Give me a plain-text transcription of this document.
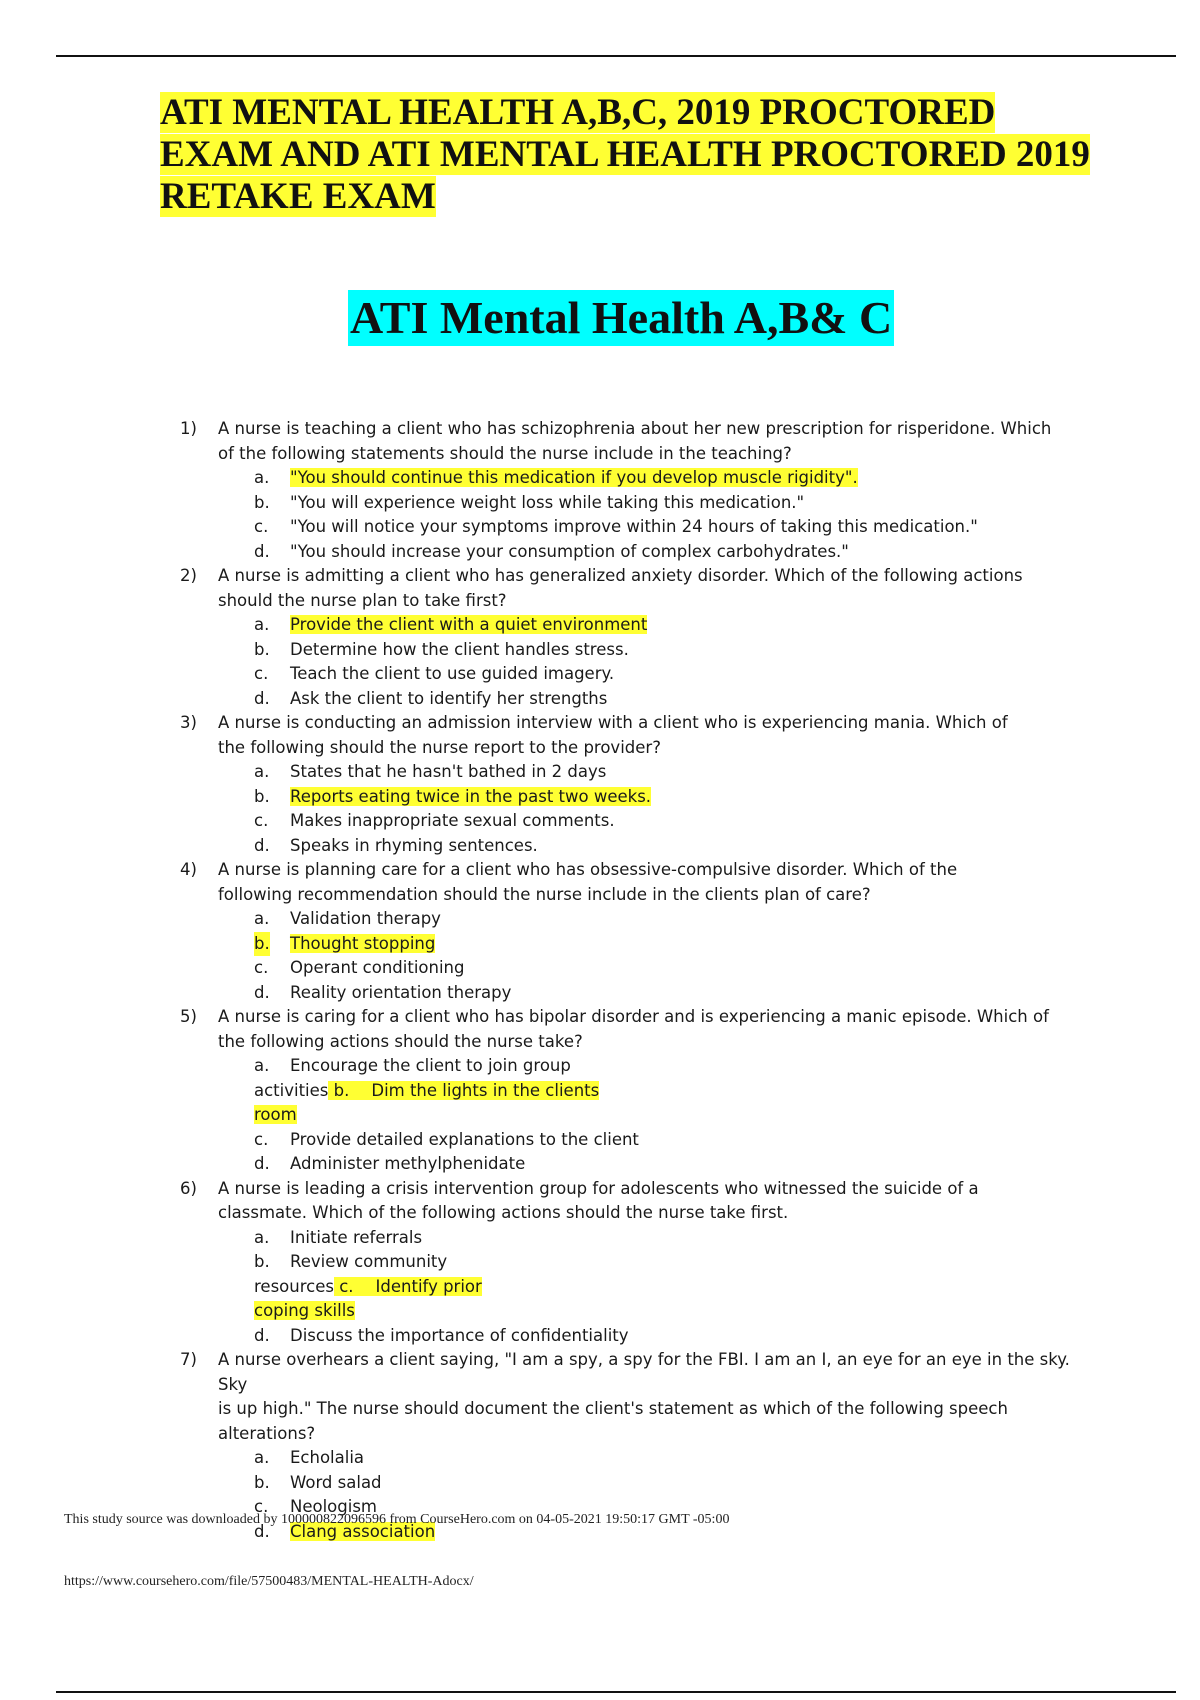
ATI MENTAL HEALTH A,B,C, 2019 PROCTORED
EXAM AND ATI MENTAL HEALTH PROCTORED 2019
RETAKE EXAM
ATI Mental Health A,B& C
1)	A nurse is teaching a client who has schizophrenia about her new prescription for risperidone. Which
of the following statements should the nurse include in the teaching?
a. "You should continue this medication if you develop muscle rigidity".
b. "You will experience weight loss while taking this medication."
c. "You will notice your symptoms improve within 24 hours of taking this medication."
d. "You should increase your consumption of complex carbohydrates."
2)	A nurse is admitting a client who has generalized anxiety disorder. Which of the following actions
should the nurse plan to take first?
a. Provide the client with a quiet environment
b. Determine how the client handles stress.
c. Teach the client to use guided imagery.
d. Ask the client to identify her strengths
3)	A nurse is conducting an admission interview with a client who is experiencing mania. Which of
the following should the nurse report to the provider?
a. States that he hasn't bathed in 2 days
b. Reports eating twice in the past two weeks.
c. Makes inappropriate sexual comments.
d. Speaks in rhyming sentences.
4)	A nurse is planning care for a client who has obsessive-compulsive disorder. Which of the
following recommendation should the nurse include in the clients plan of care?
a. Validation therapy
b. Thought stopping
c. Operant conditioning
d. Reality orientation therapy
5)	A nurse is caring for a client who has bipolar disorder and is experiencing a manic episode. Which of
the following actions should the nurse take?
a. Encourage the client to join group
activities b. Dim the lights in the clients
room
c. Provide detailed explanations to the client
d. Administer methylphenidate
6)	A nurse is leading a crisis intervention group for adolescents who witnessed the suicide of a
classmate. Which of the following actions should the nurse take first.
a. Initiate referrals
b. Review community
resources c. Identify prior
coping skills
d. Discuss the importance of confidentiality
7)	A nurse overhears a client saying, "I am a spy, a spy for the FBI. I am an I, an eye for an eye in the sky. Sky
is up high." The nurse should document the client's statement as which of the following speech
alterations?
a. Echolalia
b. Word salad
c. Neologism
d. Clang association
This study source was downloaded by 100000822096596 from CourseHero.com on 04-05-2021 19:50:17 GMT -05:00
https://www.coursehero.com/file/57500483/MENTAL-HEALTH-Adocx/
